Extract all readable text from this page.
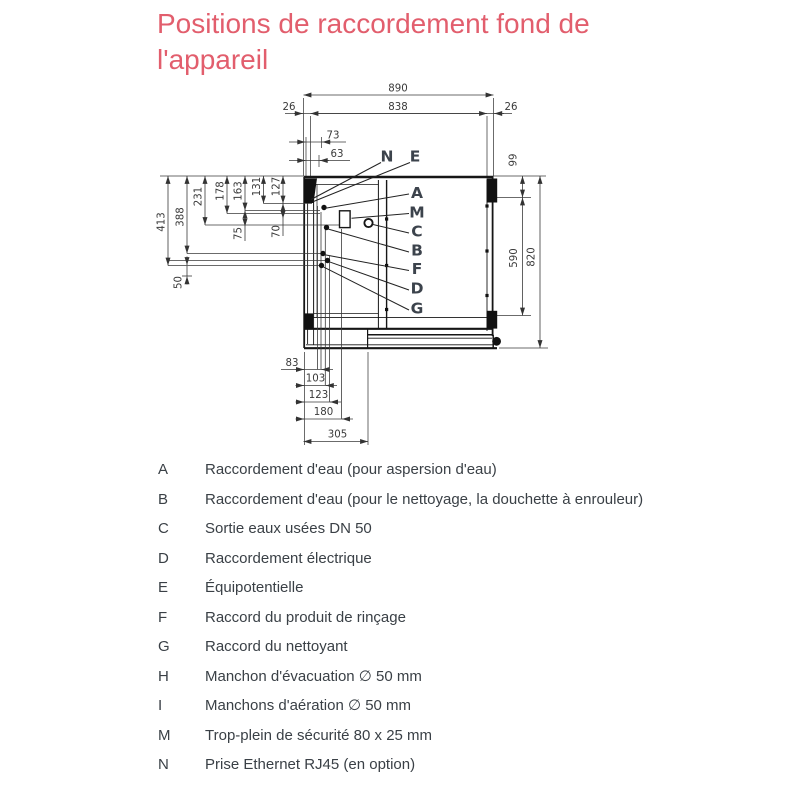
Positions de raccordement fond de l'appareil
N E
A
M
C
B
F
D
G
890
26	838	26
73
63
413 388
231 178 163 131 127
75	70
50
99
590 820
83
103
123
180
305
A	Raccordement d'eau (pour aspersion d'eau)
B	Raccordement d'eau (pour le nettoyage, la douchette à enrouleur)
C	Sortie eaux usées DN 50
D	Raccordement électrique
E	Équipotentielle
F	Raccord du produit de rinçage
G	Raccord du nettoyant
H	Manchon d'évacuation ∅ 50 mm
I	Manchons d'aération ∅ 50 mm
M	Trop-plein de sécurité 80 x 25 mm
N	Prise Ethernet RJ45 (en option)
